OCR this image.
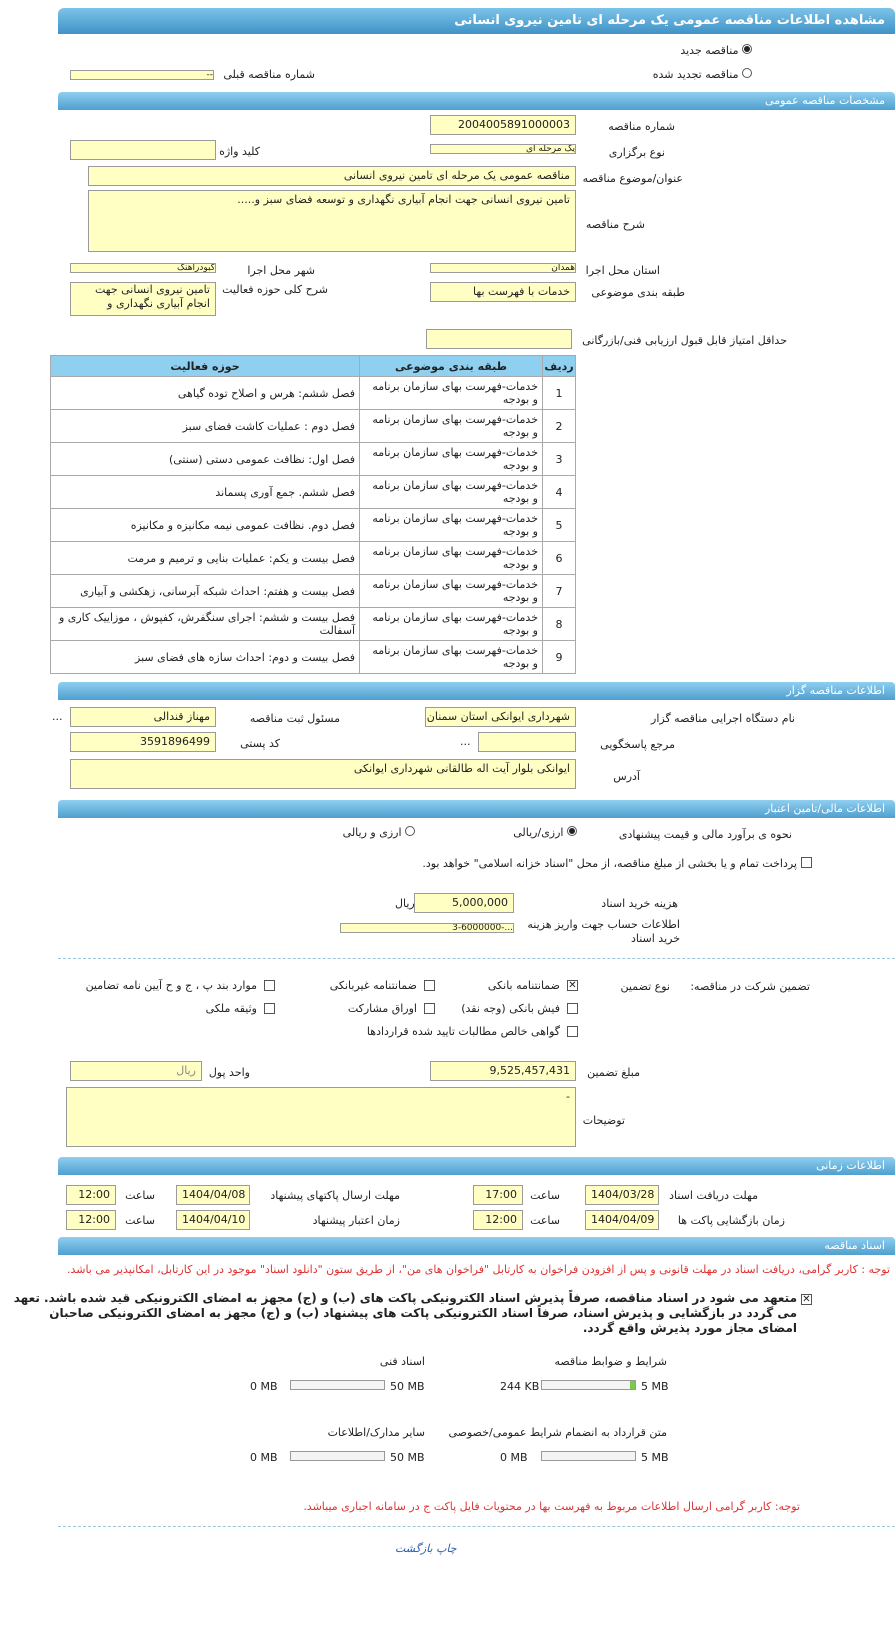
مشاهده اطلاعات مناقصه عمومی یک مرحله ای تامین نیروی انسانی
مناقصه جدید
مناقصه تجدید شده
شماره مناقصه قبلی
--
مشخصات مناقصه عمومی
شماره مناقصه
2004005891000003
نوع برگزاری
یک مرحله ای
کلید واژه
عنوان/موضوع مناقصه
مناقصه عمومی یک مرحله ای تامین نیروی انسانی
شرح مناقصه
تامین نیروی انسانی جهت انجام آبیاری نگهداری و توسعه فضای سبز و.....
استان محل اجرا
همدان
شهر محل اجرا
کبودراهنگ
طبقه بندی موضوعی
خدمات با فهرست بها
شرح کلی حوزه فعالیت
تامین نیروی انسانی جهت انجام آبیاری نگهداری و
حداقل امتیاز قابل قبول ارزیابی فنی/بازرگانی
ردیف	طبقه بندی موضوعی	حوزه فعالیت
1	خدمات-فهرست بهای سازمان برنامه و بودجه	فصل ششم: هرس و اصلاح توده گیاهی
2	خدمات-فهرست بهای سازمان برنامه و بودجه	فصل دوم : عملیات کاشت فضای سبز
3	خدمات-فهرست بهای سازمان برنامه و بودجه	فصل اول: نظافت عمومی دستی (سنتی)
4	خدمات-فهرست بهای سازمان برنامه و بودجه	فصل ششم. جمع آوری پسماند
5	خدمات-فهرست بهای سازمان برنامه و بودجه	فصل دوم. نظافت عمومی نیمه مکانیزه و مکانیزه
6	خدمات-فهرست بهای سازمان برنامه و بودجه	فصل بیست و یکم: عملیات بنایی و ترمیم و مرمت
7	خدمات-فهرست بهای سازمان برنامه و بودجه	فصل بیست و هفتم: احداث شبکه آبرسانی، زهکشی و آبیاری
8	خدمات-فهرست بهای سازمان برنامه و بودجه	فصل بیست و ششم: اجرای سنگفرش، کفپوش ، موزاییک کاری و آسفالت
9	خدمات-فهرست بهای سازمان برنامه و بودجه	فصل بیست و دوم: احداث سازه های فضای سبز
اطلاعات مناقصه گزار
نام دستگاه اجرایی مناقصه گزار
شهرداری ایوانکی استان سمنان
مسئول ثبت مناقصه
مهناز قندالی
...
مرجع پاسخگویی
...
کد پستی
3591896499
آدرس
ایوانکی بلوار آیت اله طالقانی شهرداری ایوانکی
اطلاعات مالی/تامین اعتبار
نحوه ی برآورد مالی و قیمت پیشنهادی
ارزی/ریالی
ارزی و ریالی
پرداخت تمام و یا بخشی از مبلغ مناقصه، از محل "اسناد خزانه اسلامی" خواهد بود.
هزینه خرید اسناد
5,000,000
ریال
اطلاعات حساب جهت واریز هزینه خرید اسناد
3-6000000-...
تضمین شرکت در مناقصه:
نوع تضمین
✕
ضمانتنامه بانکی
ضمانتنامه غیربانکی
موارد بند پ ، ج و ح آیین نامه تضامین
فیش بانکی (وجه نقد)
اوراق مشارکت
وثیقه ملکی
گواهی خالص مطالبات تایید شده قراردادها
مبلغ تضمین
9,525,457,431
واحد پول
ریال
توضیحات
-
اطلاعات زمانی
مهلت دریافت اسناد
1404/03/28
ساعت
17:00
مهلت ارسال پاکتهای پیشنهاد
1404/04/08
ساعت
12:00
زمان بازگشایی پاکت ها
1404/04/09
ساعت
12:00
زمان اعتبار پیشنهاد
1404/04/10
ساعت
12:00
اسناد مناقصه
توجه : کاربر گرامی، دریافت اسناد در مهلت قانونی و پس از افزودن فراخوان به کارتابل "فراخوان های من"، از طریق ستون "دانلود اسناد" موجود در این کارتابل، امکانپذیر می باشد.
✕
متعهد می شود در اسناد مناقصه، صرفاً پذیرش اسناد الکترونیکی پاکت های (ب) و (ج) مجهز به امضای الکترونیکی قید شده باشد. تعهد می گردد در بازگشایی و پذیرش اسناد، صرفاً اسناد الکترونیکی پاکت های پیشنهاد (ب) و (ج) مجهز به امضای الکترونیکی صاحبان امضای مجاز مورد پذیرش واقع گردد.
شرایط و ضوابط مناقصه
244 KB	5 MB
اسناد فنی
0 MB	50 MB
متن قرارداد به انضمام شرایط عمومی/خصوصی
0 MB	5 MB
سایر مدارک/اطلاعات
0 MB	50 MB
توجه: کاربر گرامی ارسال اطلاعات مربوط به فهرست بها در محتویات فایل پاکت ج در سامانه اجباری میباشد.
چاپ بازگشت
